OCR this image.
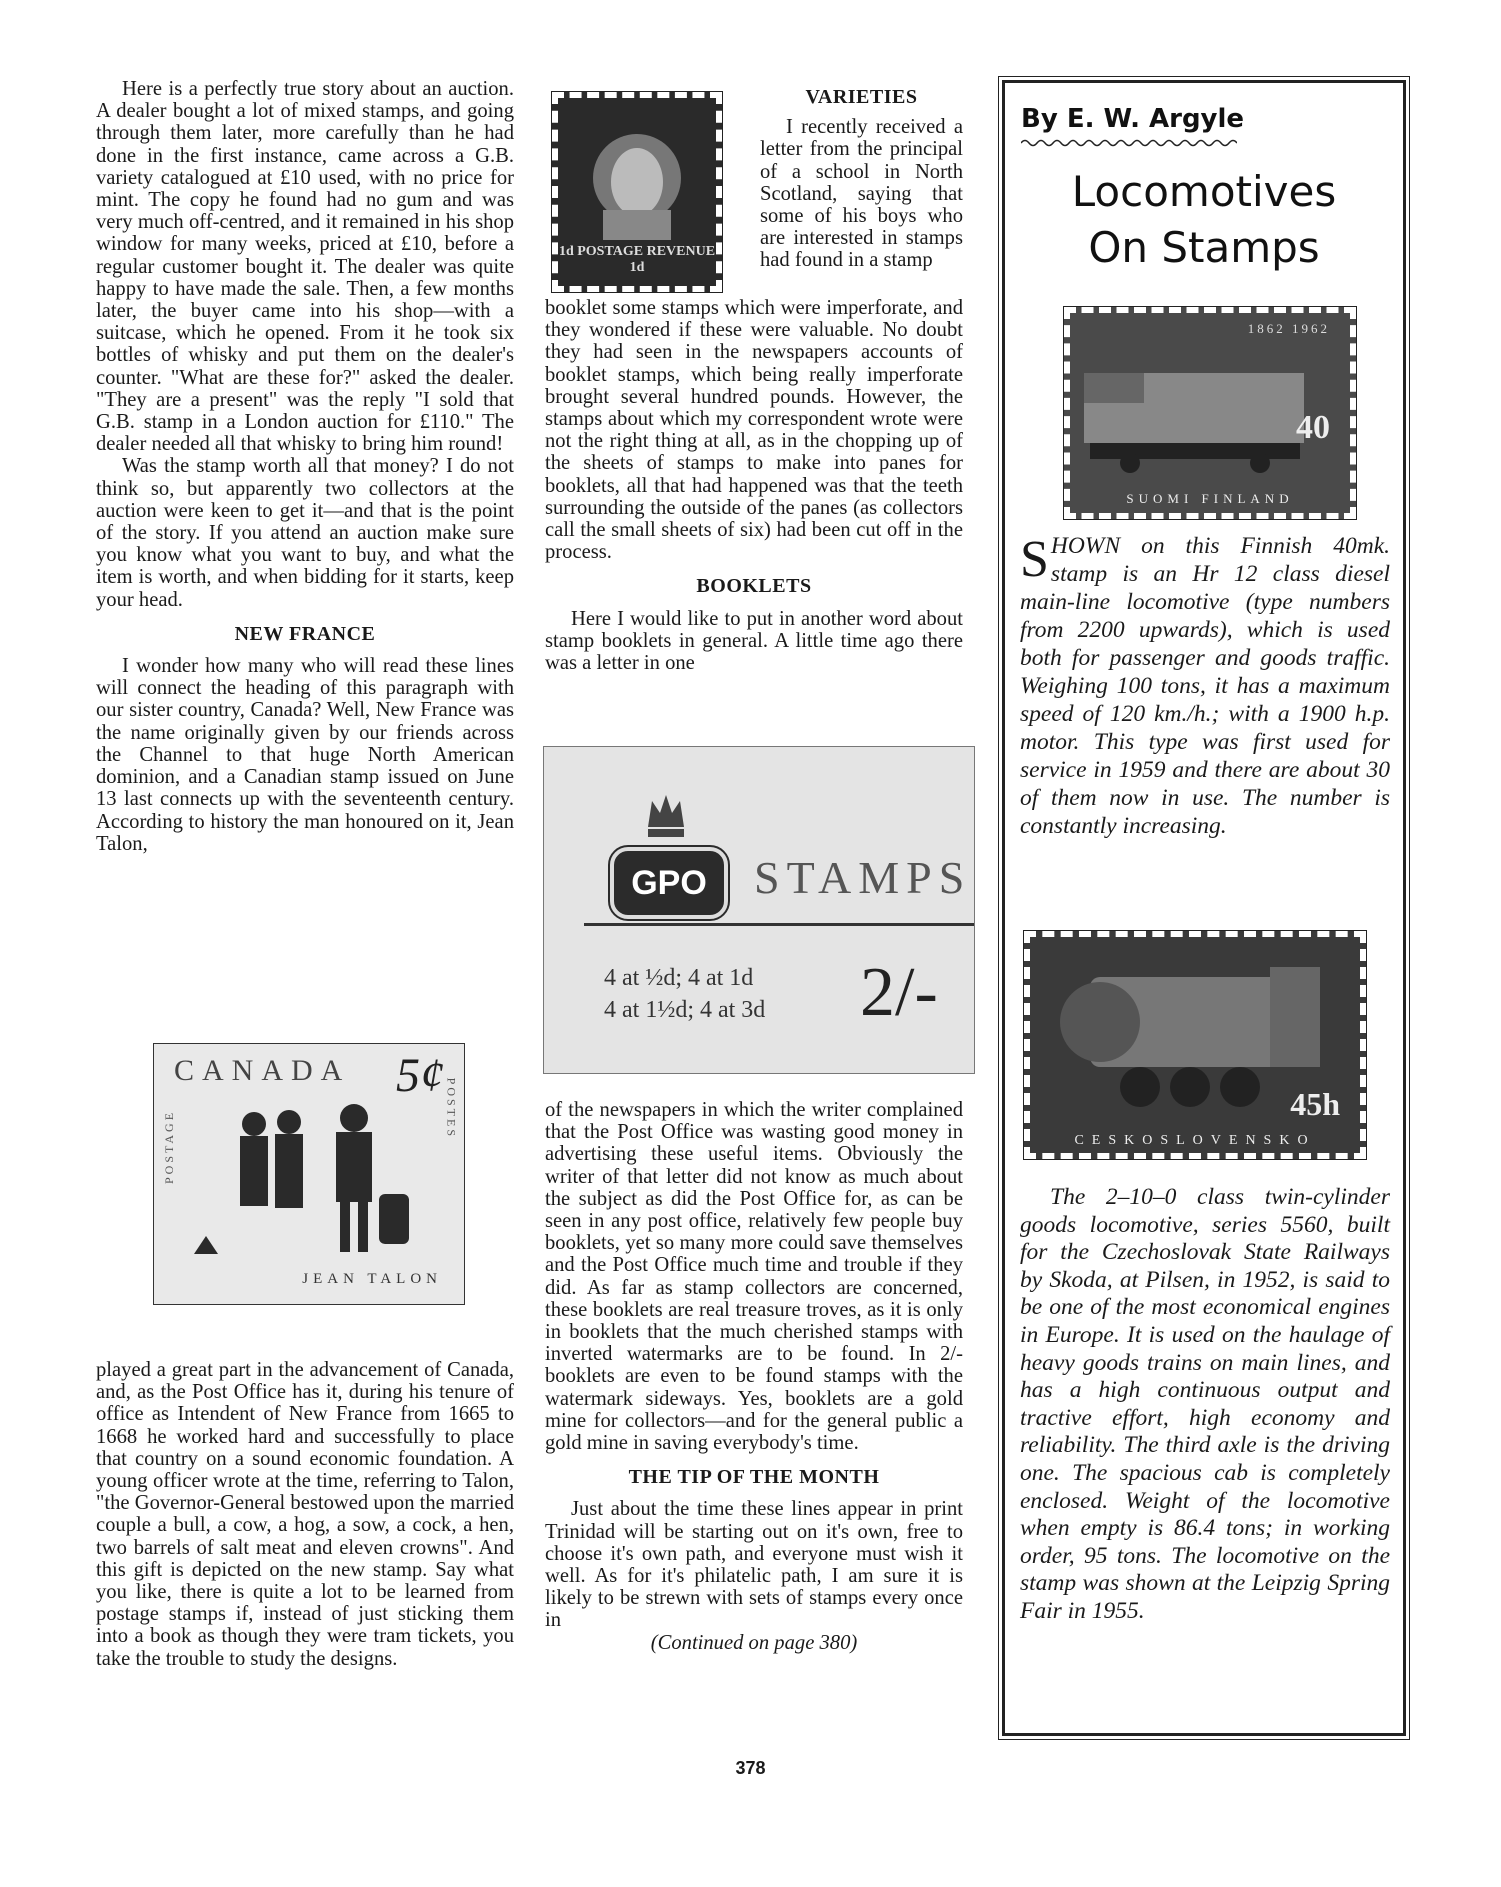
Here is a perfectly true story about an auction. A dealer bought a lot of mixed stamps, and going through them later, more carefully than he had done in the first instance, came across a G.B. variety catalogued at £10 used, with no price for mint. The copy he found had no gum and was very much off-centred, and it remained in his shop window for many weeks, priced at £10, before a regular customer bought it. The dealer was quite happy to have made the sale. Then, a few months later, the buyer came into his shop—with a suitcase, which he opened. From it he took six bottles of whisky and put them on the dealer's counter. "What are these for?" asked the dealer. "They are a present" was the reply "I sold that G.B. stamp in a London auction for £110." The dealer needed all that whisky to bring him round!

Was the stamp worth all that money? I do not think so, but apparently two collectors at the auction were keen to get it—and that is the point of the story. If you attend an auction make sure you know what you want to buy, and what the item is worth, and when bidding for it starts, keep your head.

NEW FRANCE

I wonder how many who will read these lines will connect the heading of this paragraph with our sister country, Canada? Well, New France was the name originally given by our friends across the Channel to that huge North American dominion, and a Canadian stamp issued on June 13 last connects up with the seventeenth century. According to history the man honoured on it, Jean Talon,

CANADA 5¢
POSTAGE
POSTES
JEAN TALON

played a great part in the advancement of Canada, and, as the Post Office has it, during his tenure of office as Intendent of New France from 1665 to 1668 he worked hard and successfully to place that country on a sound economic foundation. A young officer wrote at the time, referring to Talon, "the Governor-General bestowed upon the married couple a bull, a cow, a hog, a sow, a cock, a hen, two barrels of salt meat and eleven crowns". And this gift is depicted on the new stamp. Say what you like, there is quite a lot to be learned from postage stamps if, instead of just sticking them into a book as though they were tram tickets, you take the trouble to study the designs.

1d POSTAGE REVENUE 1d
VARIETIES

I recently received a letter from the principal of a school in North Scotland, saying that some of his boys who are interested in stamps had found in a stamp

booklet some stamps which were imperforate, and they wondered if these were valuable. No doubt they had seen in the newspapers accounts of booklet stamps, which being really imperforate brought several hundred pounds. However, the stamps about which my correspondent wrote were not the right thing at all, as in the chopping up of the sheets of stamps to make into panes for booklets, all that had happened was that the teeth surrounding the outside of the panes (as collectors call the small sheets of six) had been cut off in the process.

BOOKLETS

Here I would like to put in another word about stamp booklets in general. A little time ago there was a letter in one

GPO	STAMPS
4 at ½d; 4 at 1d
4 at 1½d; 4 at 3d 2/-

of the newspapers in which the writer complained that the Post Office was wasting good money in advertising these useful items. Obviously the writer of that letter did not know as much about the subject as did the Post Office for, as can be seen in any post office, relatively few people buy booklets, yet so many more could save themselves and the Post Office much time and trouble if they did. As far as stamp collectors are concerned, these booklets are real treasure troves, as it is only in booklets that the much cherished stamps with inverted watermarks are to be found. In 2/- booklets are even to be found stamps with the watermark sideways. Yes, booklets are a gold mine for collectors—and for the general public a gold mine in saving everybody's time.

THE TIP OF THE MONTH

Just about the time these lines appear in print Trinidad will be starting out on it's own, free to choose it's own path, and everyone must wish it well. As for it's philatelic path, I am sure it is likely to be strewn with sets of stamps every once in

(Continued on page 380)
By E. W. Argyle
Locomotives
On Stamps
1862 1962
40
SUOMI FINLAND
SHOWN on this Finnish 40mk. stamp is an Hr 12 class diesel main-line locomotive (type numbers from 2200 upwards), which is used both for passenger and goods traffic. Weighing 100 tons, it has a maximum speed of 120 km./h.; with a 1900 h.p. motor. This type was first used for service in 1959 and there are about 30 of them now in use. The number is constantly increasing.
45h
CESKOSLOVENSKO

The 2–10–0 class twin-cylinder goods locomotive, series 5560, built for the Czechoslovak State Railways by Skoda, at Pilsen, in 1952, is said to be one of the most economical engines in Europe. It is used on the haulage of heavy goods trains on main lines, and has a high continuous output and tractive effort, high economy and reliability. The third axle is the driving one. The spacious cab is completely enclosed. Weight of the locomotive when empty is 86.4 tons; in working order, 95 tons. The locomotive on the stamp was shown at the Leipzig Spring Fair in 1955.

378
